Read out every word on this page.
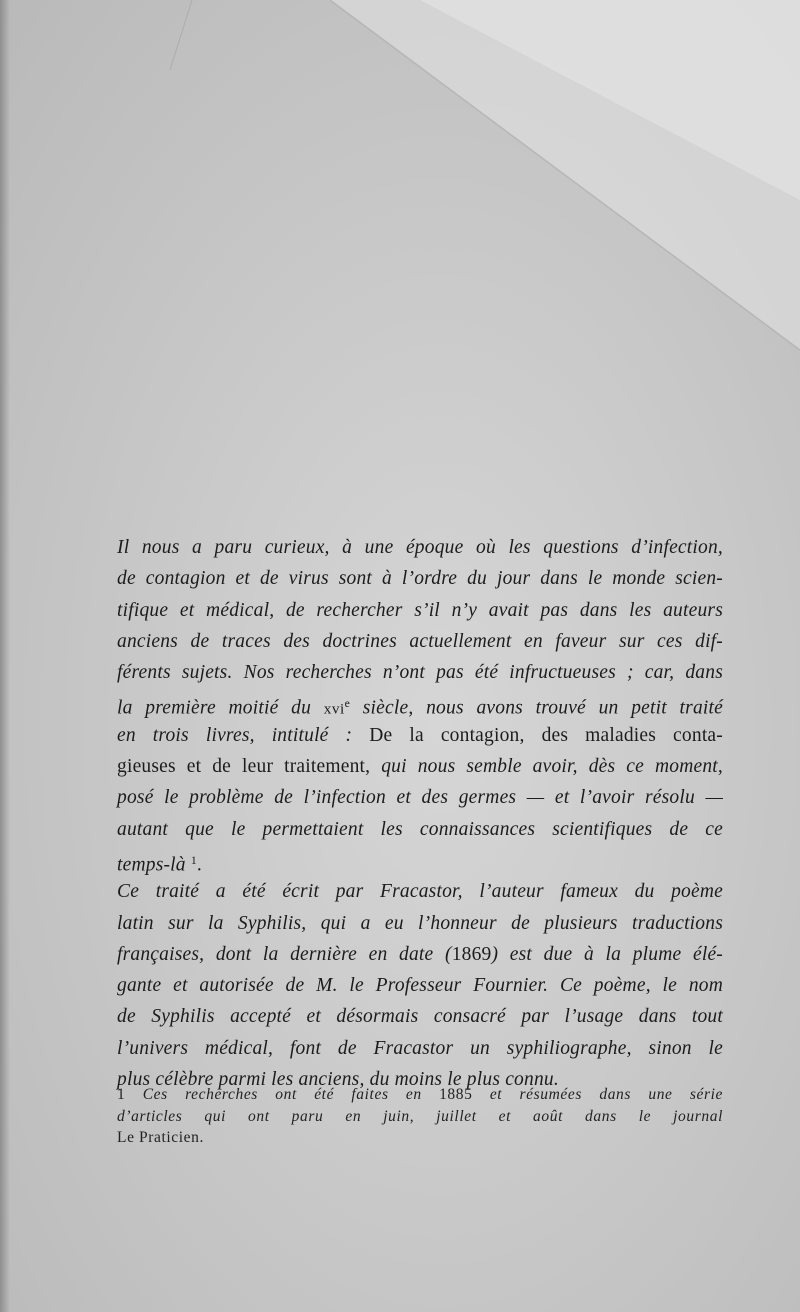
Il nous a paru curieux, à une époque où les questions d’infection,
de contagion et de virus sont à l’ordre du jour dans le monde scien-
tifique et médical, de rechercher s’il n’y avait pas dans les auteurs
anciens de traces des doctrines actuellement en faveur sur ces dif-
férents sujets. Nos recherches n’ont pas été infructueuses ; car, dans
la première moitié du xvi$^e$ siècle, nous avons trouvé un petit traité
en trois livres, intitulé : De la contagion, des maladies conta-
gieuses et de leur traitement, qui nous semble avoir, dès ce moment,
posé le problème de l’infection et des germes — et l’avoir résolu —
autant que le permettaient les connaissances scientifiques de ce
temps-là $^1$.
Ce traité a été écrit par Fracastor, l’auteur fameux du poème
latin sur la Syphilis, qui a eu l’honneur de plusieurs traductions
françaises, dont la dernière en date (1869) est due à la plume élé-
gante et autorisée de M. le Professeur Fournier. Ce poème, le nom
de Syphilis accepté et désormais consacré par l’usage dans tout
l’univers médical, font de Fracastor un syphiliographe, sinon le
plus célèbre parmi les anciens, du moins le plus connu.
1 Ces recherches ont été faites en 1885 et résumées dans une série
d’articles qui ont paru en juin, juillet et août dans le journal
Le Praticien.
